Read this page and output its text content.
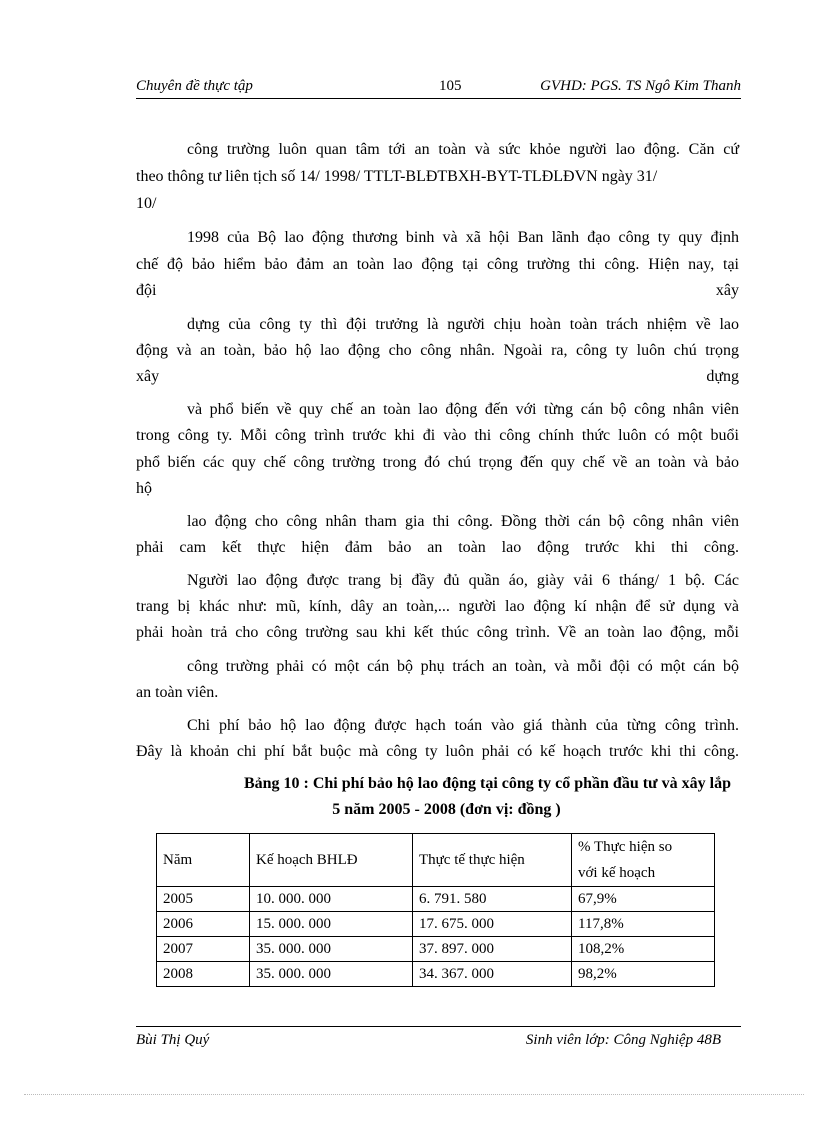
Chuyên đề thực tập	105	GVHD: PGS. TS Ngô Kim Thanh
công trường luôn quan tâm tới an toàn và sức khỏe người lao động. Căn cứ
theo thông tư liên tịch số 14/ 1998/ TTLT-BLĐTBXH-BYT-TLĐLĐVN ngày 31/
10/
1998 của Bộ lao động thương binh và xã hội Ban lãnh đạo công ty quy định
chế độ bảo hiểm bảo đảm an toàn lao động tại công trường thi công. Hiện nay, tại
đội	xây
dựng của công ty thì đội trưởng là người chịu hoàn toàn trách nhiệm về lao
động và an toàn, bảo hộ lao động cho công nhân. Ngoài ra, công ty luôn chú trọng
xây	dựng
và phổ biến về quy chế an toàn lao động đến với từng cán bộ công nhân viên
trong công ty. Mỗi công trình trước khi đi vào thi công chính thức luôn có một buổi
phổ biến các quy chế công trường trong đó chú trọng đến quy chế về an toàn và bảo
hộ
lao động cho công nhân tham gia thi công. Đồng thời cán bộ công nhân viên
phải cam kết thực hiện đảm bảo an toàn lao động trước khi thi công.
Người lao động được trang bị đầy đủ quần áo, giày vải 6 tháng/ 1 bộ. Các
trang bị khác như: mũ, kính, dây an toàn,... người lao động kí nhận để sử dụng và
phải hoàn trả cho công trường sau khi kết thúc công trình. Về an toàn lao động, mỗi
công trường phải có một cán bộ phụ trách an toàn, và mỗi đội có một cán bộ
an toàn viên.
Chi phí bảo hộ lao động được hạch toán vào giá thành của từng công trình.
Đây là khoản chi phí bắt buộc mà công ty luôn phải có kế hoạch trước khi thi công.
Bảng 10 : Chi phí bảo hộ lao động tại công ty cổ phần đầu tư và xây lắp
5 năm 2005 - 2008 (đơn vị: đồng )
Năm	Kế hoạch BHLĐ	Thực tế thực hiện	% Thực hiện so
với kế hoạch

2005	10. 000. 000	6. 791. 580	67,9%
2006	15. 000. 000	17. 675. 000	117,8%
2007	35. 000. 000	37. 897. 000	108,2%
2008	35. 000. 000	34. 367. 000	98,2%
Bùi Thị Quý	Sinh viên lớp: Công Nghiệp 48B
